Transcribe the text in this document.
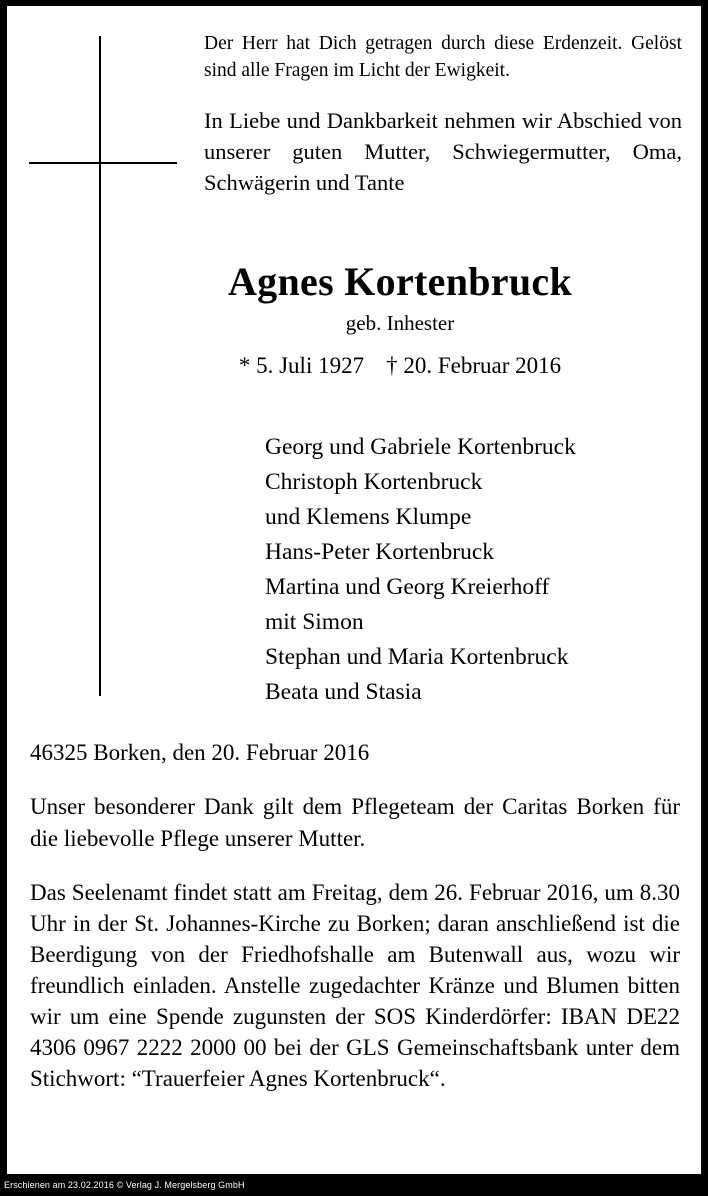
Der Herr hat Dich getragen durch diese Erdenzeit. Gelöst sind alle Fragen im Licht der Ewigkeit.
In Liebe und Dankbarkeit nehmen wir Abschied von unserer guten Mutter, Schwiegermutter, Oma, Schwägerin und Tante
Agnes Kortenbruck
geb. Inhester
* 5. Juli 1927 † 20. Februar 2016
Georg und Gabriele Kortenbruck
Christoph Kortenbruck
und Klemens Klumpe
Hans-Peter Kortenbruck
Martina und Georg Kreierhoff
mit Simon
Stephan und Maria Kortenbruck
Beata und Stasia
46325 Borken, den 20. Februar 2016
Unser besonderer Dank gilt dem Pflegeteam der Caritas Borken für die liebevolle Pflege unserer Mutter.
Das Seelenamt findet statt am Freitag, dem 26. Februar 2016, um 8.30 Uhr in der St. Johannes-Kirche zu Borken; daran anschließend ist die Beerdigung von der Friedhofshalle am Butenwall aus, wozu wir freundlich einladen. Anstelle zugedachter Kränze und Blumen bitten wir um eine Spende zugunsten der SOS Kinderdörfer: IBAN DE22 4306 0967 2222 2000 00 bei der GLS Gemeinschaftsbank unter dem Stichwort: “Trauerfeier Agnes Kortenbruck“.
Erschienen am 23.02.2016 © Verlag J. Mergelsberg GmbH
